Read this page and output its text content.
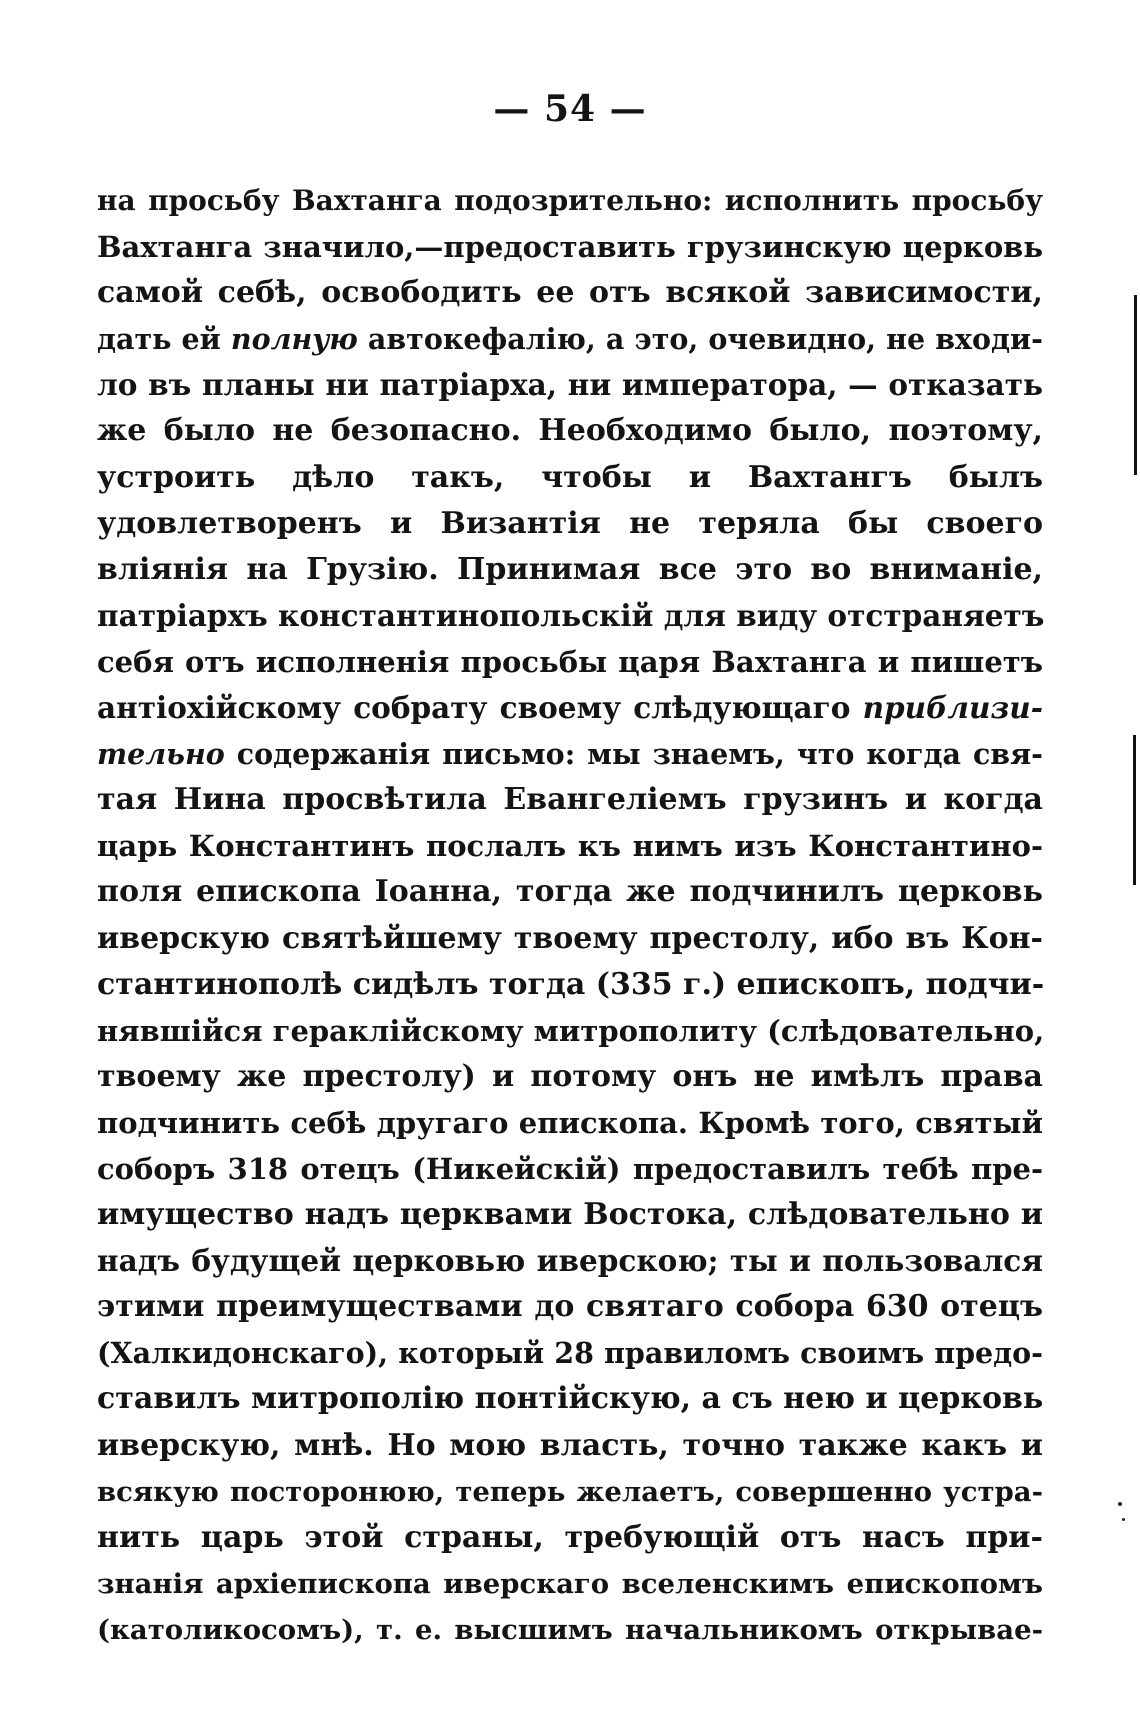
— 54 —
на просьбу Вахтанга подозрительно: исполнить просьбу
Вахтанга значило,—предоставить грузинскую церковь
самой себѣ, освободить ее отъ всякой зависимости,
дать ей полную автокефалію, а это, очевидно, не входи-
ло въ планы ни патріарха, ни императора, — отказать
же было не безопасно. Необходимо было, поэтому,
устроить дѣло такъ, чтобы и Вахтангъ былъ
удовлетворенъ и Византія не теряла бы своего
вліянія на Грузію. Принимая все это во вниманіе,
патріархъ константинопольскій для виду отстраняетъ
себя отъ исполненія просьбы царя Вахтанга и пишетъ
антіохійскому собрату своему слѣдующаго приблизи-
тельно содержанія письмо: мы знаемъ, что когда свя-
тая Нина просвѣтила Евангеліемъ грузинъ и когда
царь Константинъ послалъ къ нимъ изъ Константино-
поля епископа Іоанна, тогда же подчинилъ церковь
иверскую святѣйшему твоему престолу, ибо въ Кон-
стантинополѣ сидѣлъ тогда (335 г.) епископъ, подчи-
нявшійся гераклійскому митрополиту (слѣдовательно,
твоему же престолу) и потому онъ не имѣлъ права
подчинить себѣ другаго епископа. Кромѣ того, святый
соборъ 318 отецъ (Никейскій) предоставилъ тебѣ пре-
имущество надъ церквами Востока, слѣдовательно и
надъ будущей церковью иверскою; ты и пользовался
этими преимуществами до святаго собора 630 отецъ
(Халкидонскаго), который 28 правиломъ своимъ предо-
ставилъ митрополію понтійскую, а съ нею и церковь
иверскую, мнѣ. Но мою власть, точно также какъ и
всякую посторонюю, теперь желаетъ, совершенно устра-
нить царь этой страны, требующій отъ насъ при-
знанія архіепископа иверскаго вселенскимъ епископомъ
(католикосомъ), т. е. высшимъ начальникомъ открывае-
